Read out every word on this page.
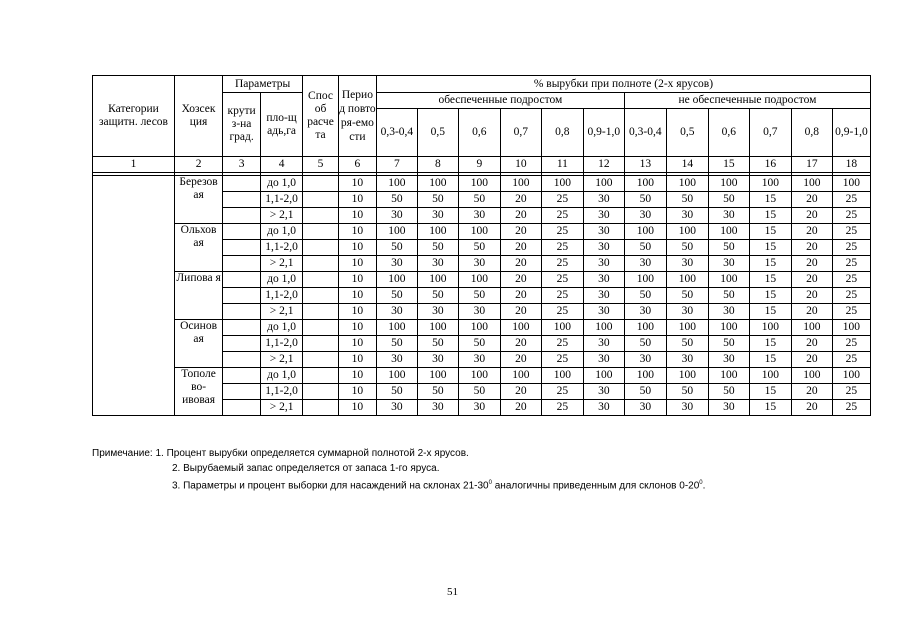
Категории защитн. лесов	Хозсек ция	Параметры		Спос об расче та	Перио д повто ря-емо сти	% вырубки при полноте (2-х ярусов)											
		крути з-на град.	пло-щ адь,га			обеспеченные подростом						не обеспеченные подростом					
						0,3-0,4	0,5	0,6	0,7	0,8	0,9-1,0	0,3-0,4	0,5	0,6	0,7	0,8	0,9-1,0
1	2	3	4	5	6	7	8	9	10	11	12	13	14	15	16	17	18

	Березов ая		до 1,0		10	100	100	100	100	100	100	100	100	100	100	100	100
			1,1-2,0		10	50	50	50	20	25	30	50	50	50	15	20	25
			> 2,1		10	30	30	30	20	25	30	30	30	30	15	20	25
	Ольхов ая		до 1,0		10	100	100	100	20	25	30	100	100	100	15	20	25
			1,1-2,0		10	50	50	50	20	25	30	50	50	50	15	20	25
			> 2,1		10	30	30	30	20	25	30	30	30	30	15	20	25
	Липова я		до 1,0		10	100	100	100	20	25	30	100	100	100	15	20	25
			1,1-2,0		10	50	50	50	20	25	30	50	50	50	15	20	25
			> 2,1		10	30	30	30	20	25	30	30	30	30	15	20	25
	Осинов ая		до 1,0		10	100	100	100	100	100	100	100	100	100	100	100	100
			1,1-2,0		10	50	50	50	20	25	30	50	50	50	15	20	25
			> 2,1		10	30	30	30	20	25	30	30	30	30	15	20	25
	Тополе во- ивовая		до 1,0		10	100	100	100	100	100	100	100	100	100	100	100	100
			1,1-2,0		10	50	50	50	20	25	30	50	50	50	15	20	25
			> 2,1		10	30	30	30	20	25	30	30	30	30	15	20	25
Примечание: 1. Процент вырубки определяется суммарной полнотой 2-х ярусов.
2. Вырубаемый запас определяется от запаса 1-го яруса.
3. Параметры и процент выборки для насаждений на склонах $21-30^0$ аналогичны приведенным для склонов $0-20^0$.
51
